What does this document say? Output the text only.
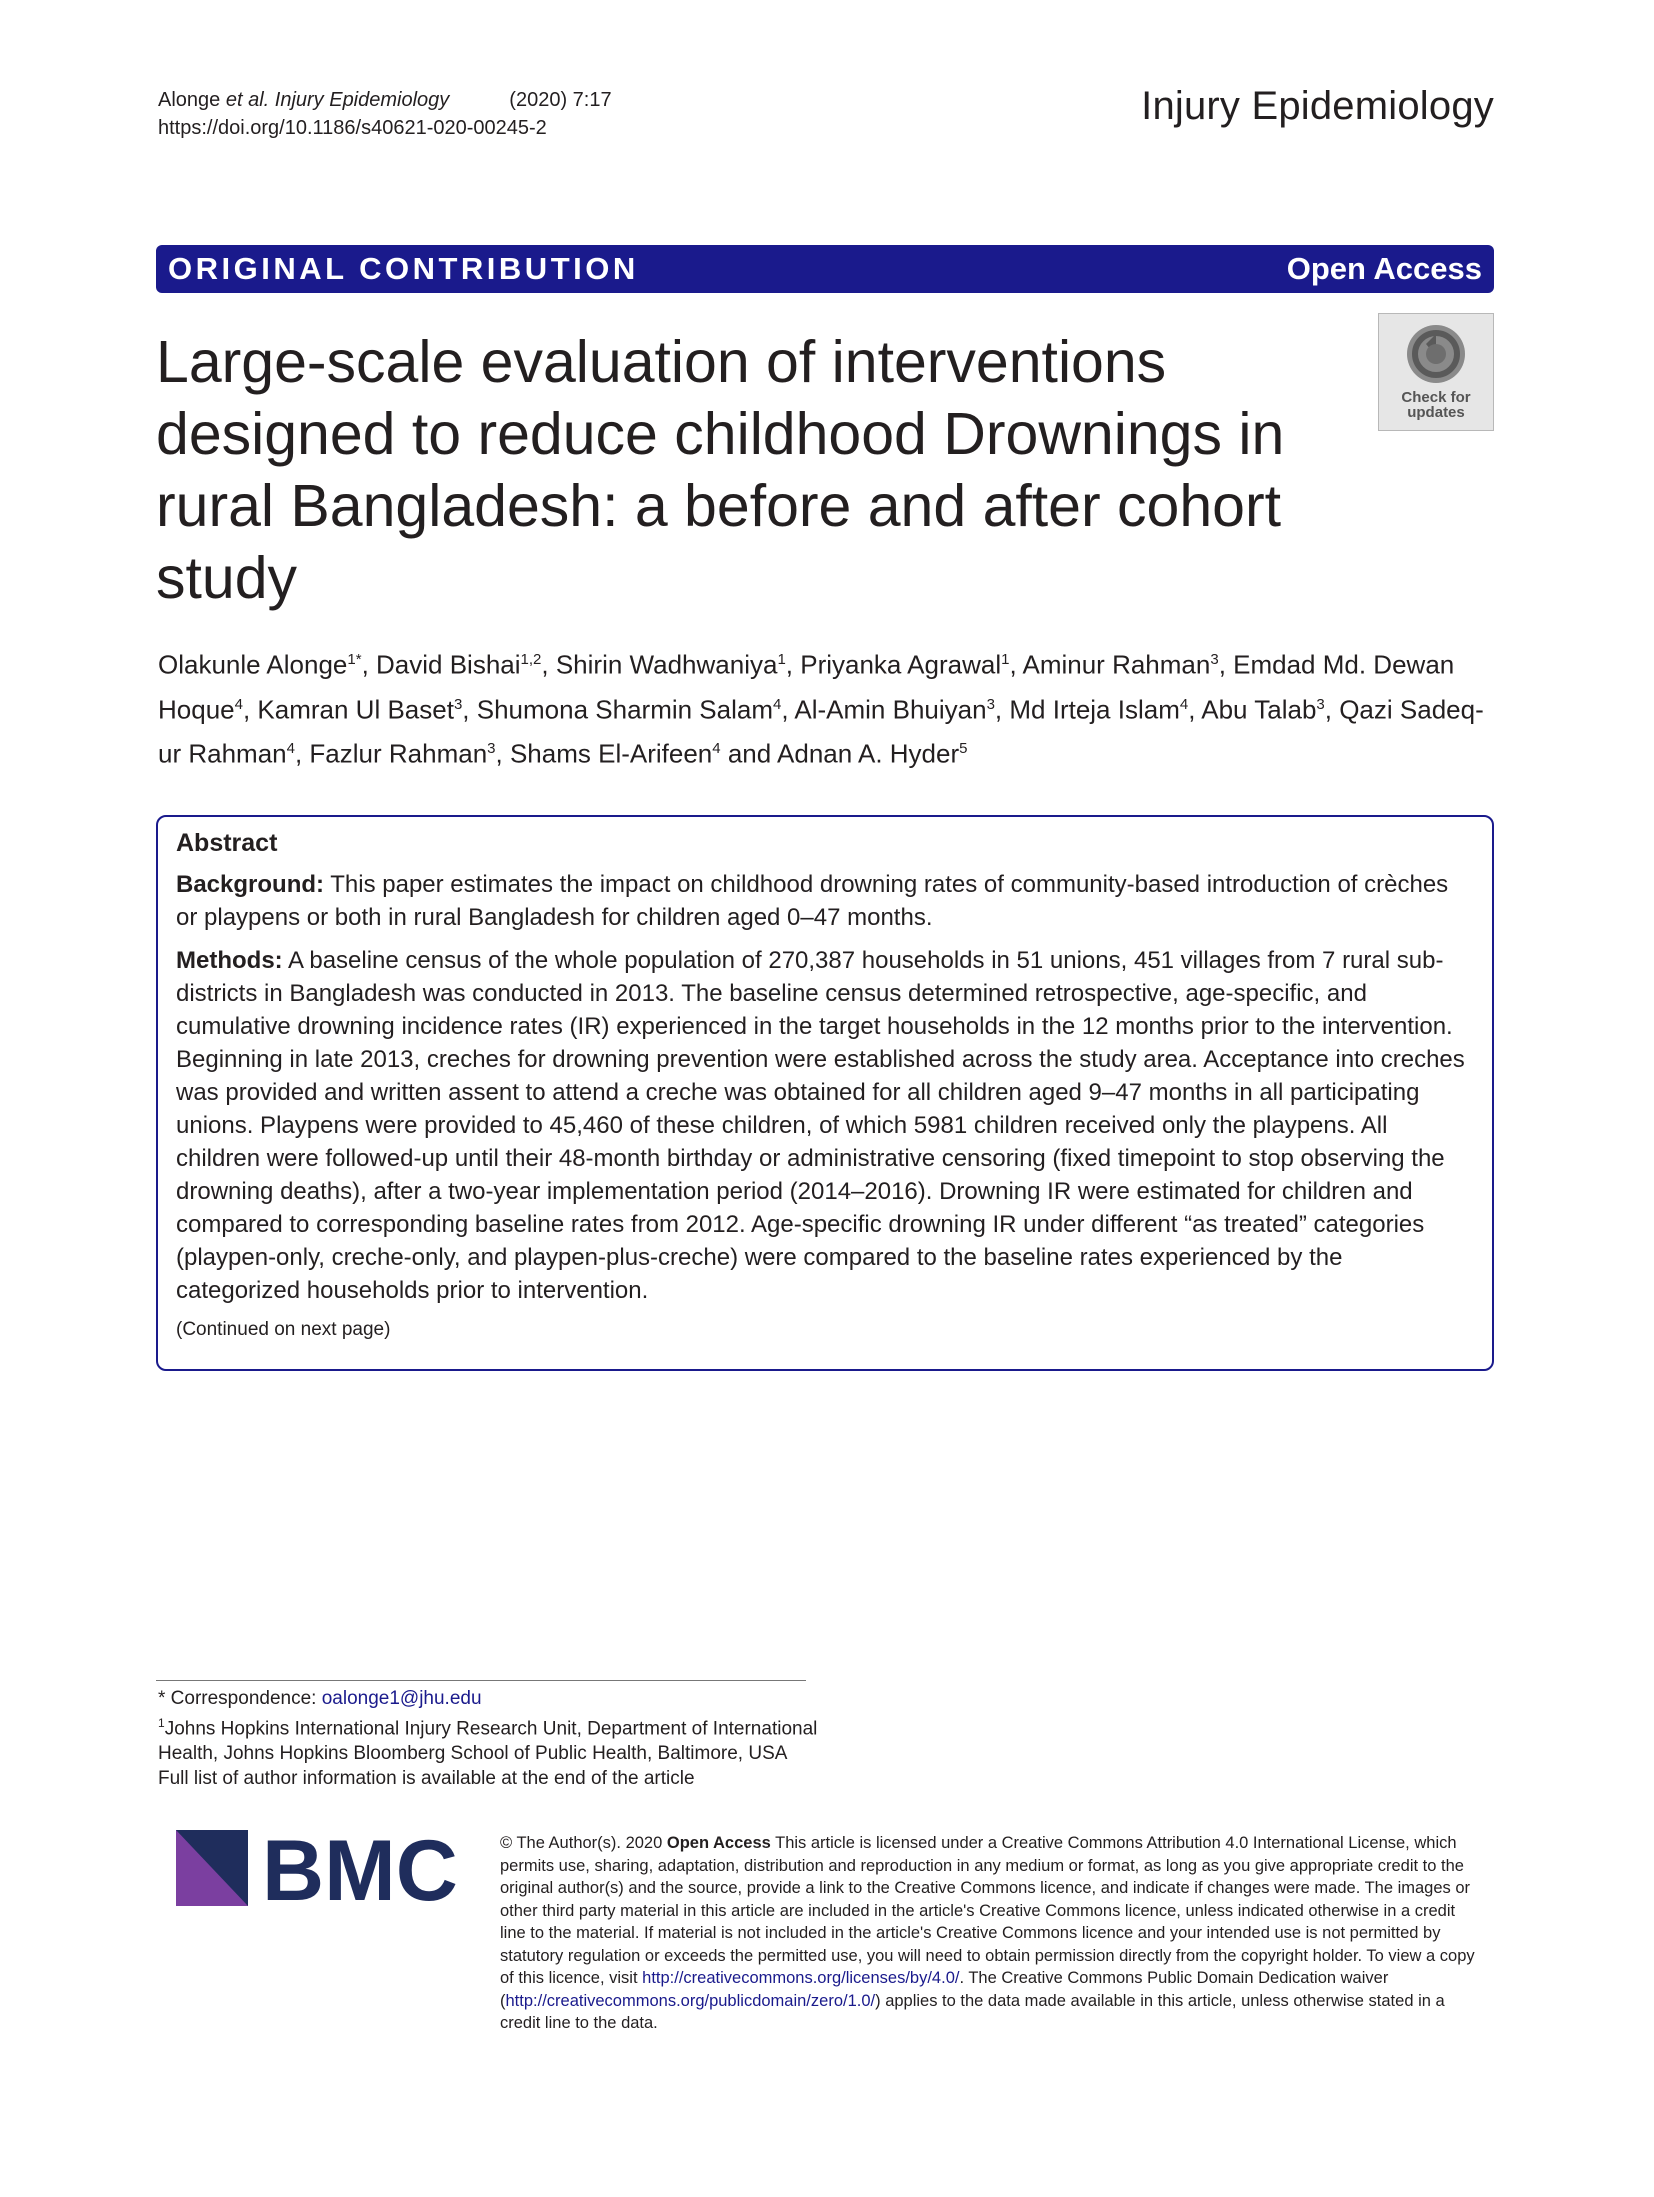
Alonge et al. Injury Epidemiology	(2020) 7:17
https://doi.org/10.1186/s40621-020-00245-2	Injury Epidemiology
ORIGINAL CONTRIBUTION	Open Access
Large-scale evaluation of interventions designed to reduce childhood Drownings in rural Bangladesh: a before and after cohort study
Check for
updates
Olakunle Alonge$^{1*}$, David Bishai$^{1,2}$, Shirin Wadhwaniya$^1$, Priyanka Agrawal$^1$, Aminur Rahman$^3$, Emdad Md. Dewan Hoque$^4$, Kamran Ul Baset$^3$, Shumona Sharmin Salam$^4$, Al-Amin Bhuiyan$^3$, Md Irteja Islam$^4$, Abu Talab$^3$, Qazi Sadeq-ur Rahman$^4$, Fazlur Rahman$^3$, Shams El-Arifeen$^4$ and Adnan A. Hyder$^5$
Abstract

Background: This paper estimates the impact on childhood drowning rates of community-based introduction of crèches or playpens or both in rural Bangladesh for children aged 0–47 months.

Methods: A baseline census of the whole population of 270,387 households in 51 unions, 451 villages from 7 rural sub-districts in Bangladesh was conducted in 2013. The baseline census determined retrospective, age-specific, and cumulative drowning incidence rates (IR) experienced in the target households in the 12 months prior to the intervention. Beginning in late 2013, creches for drowning prevention were established across the study area. Acceptance into creches was provided and written assent to attend a creche was obtained for all children aged 9–47 months in all participating unions. Playpens were provided to 45,460 of these children, of which 5981 children received only the playpens. All children were followed-up until their 48-month birthday or administrative censoring (fixed timepoint to stop observing the drowning deaths), after a two-year implementation period (2014–2016). Drowning IR were estimated for children and compared to corresponding baseline rates from 2012. Age-specific drowning IR under different “as treated” categories (playpen-only, creche-only, and playpen-plus-creche) were compared to the baseline rates experienced by the categorized households prior to intervention.

(Continued on next page)
* Correspondence: oalonge1@jhu.edu
$^1$Johns Hopkins International Injury Research Unit, Department of International Health, Johns Hopkins Bloomberg School of Public Health, Baltimore, USA
Full list of author information is available at the end of the article
BMC	© The Author(s). 2020 Open Access This article is licensed under a Creative Commons Attribution 4.0 International License, which permits use, sharing, adaptation, distribution and reproduction in any medium or format, as long as you give appropriate credit to the original author(s) and the source, provide a link to the Creative Commons licence, and indicate if changes were made. The images or other third party material in this article are included in the article's Creative Commons licence, unless indicated otherwise in a credit line to the material. If material is not included in the article's Creative Commons licence and your intended use is not permitted by statutory regulation or exceeds the permitted use, you will need to obtain permission directly from the copyright holder. To view a copy of this licence, visit http://creativecommons.org/licenses/by/4.0/. The Creative Commons Public Domain Dedication waiver (http://creativecommons.org/publicdomain/zero/1.0/) applies to the data made available in this article, unless otherwise stated in a credit line to the data.
